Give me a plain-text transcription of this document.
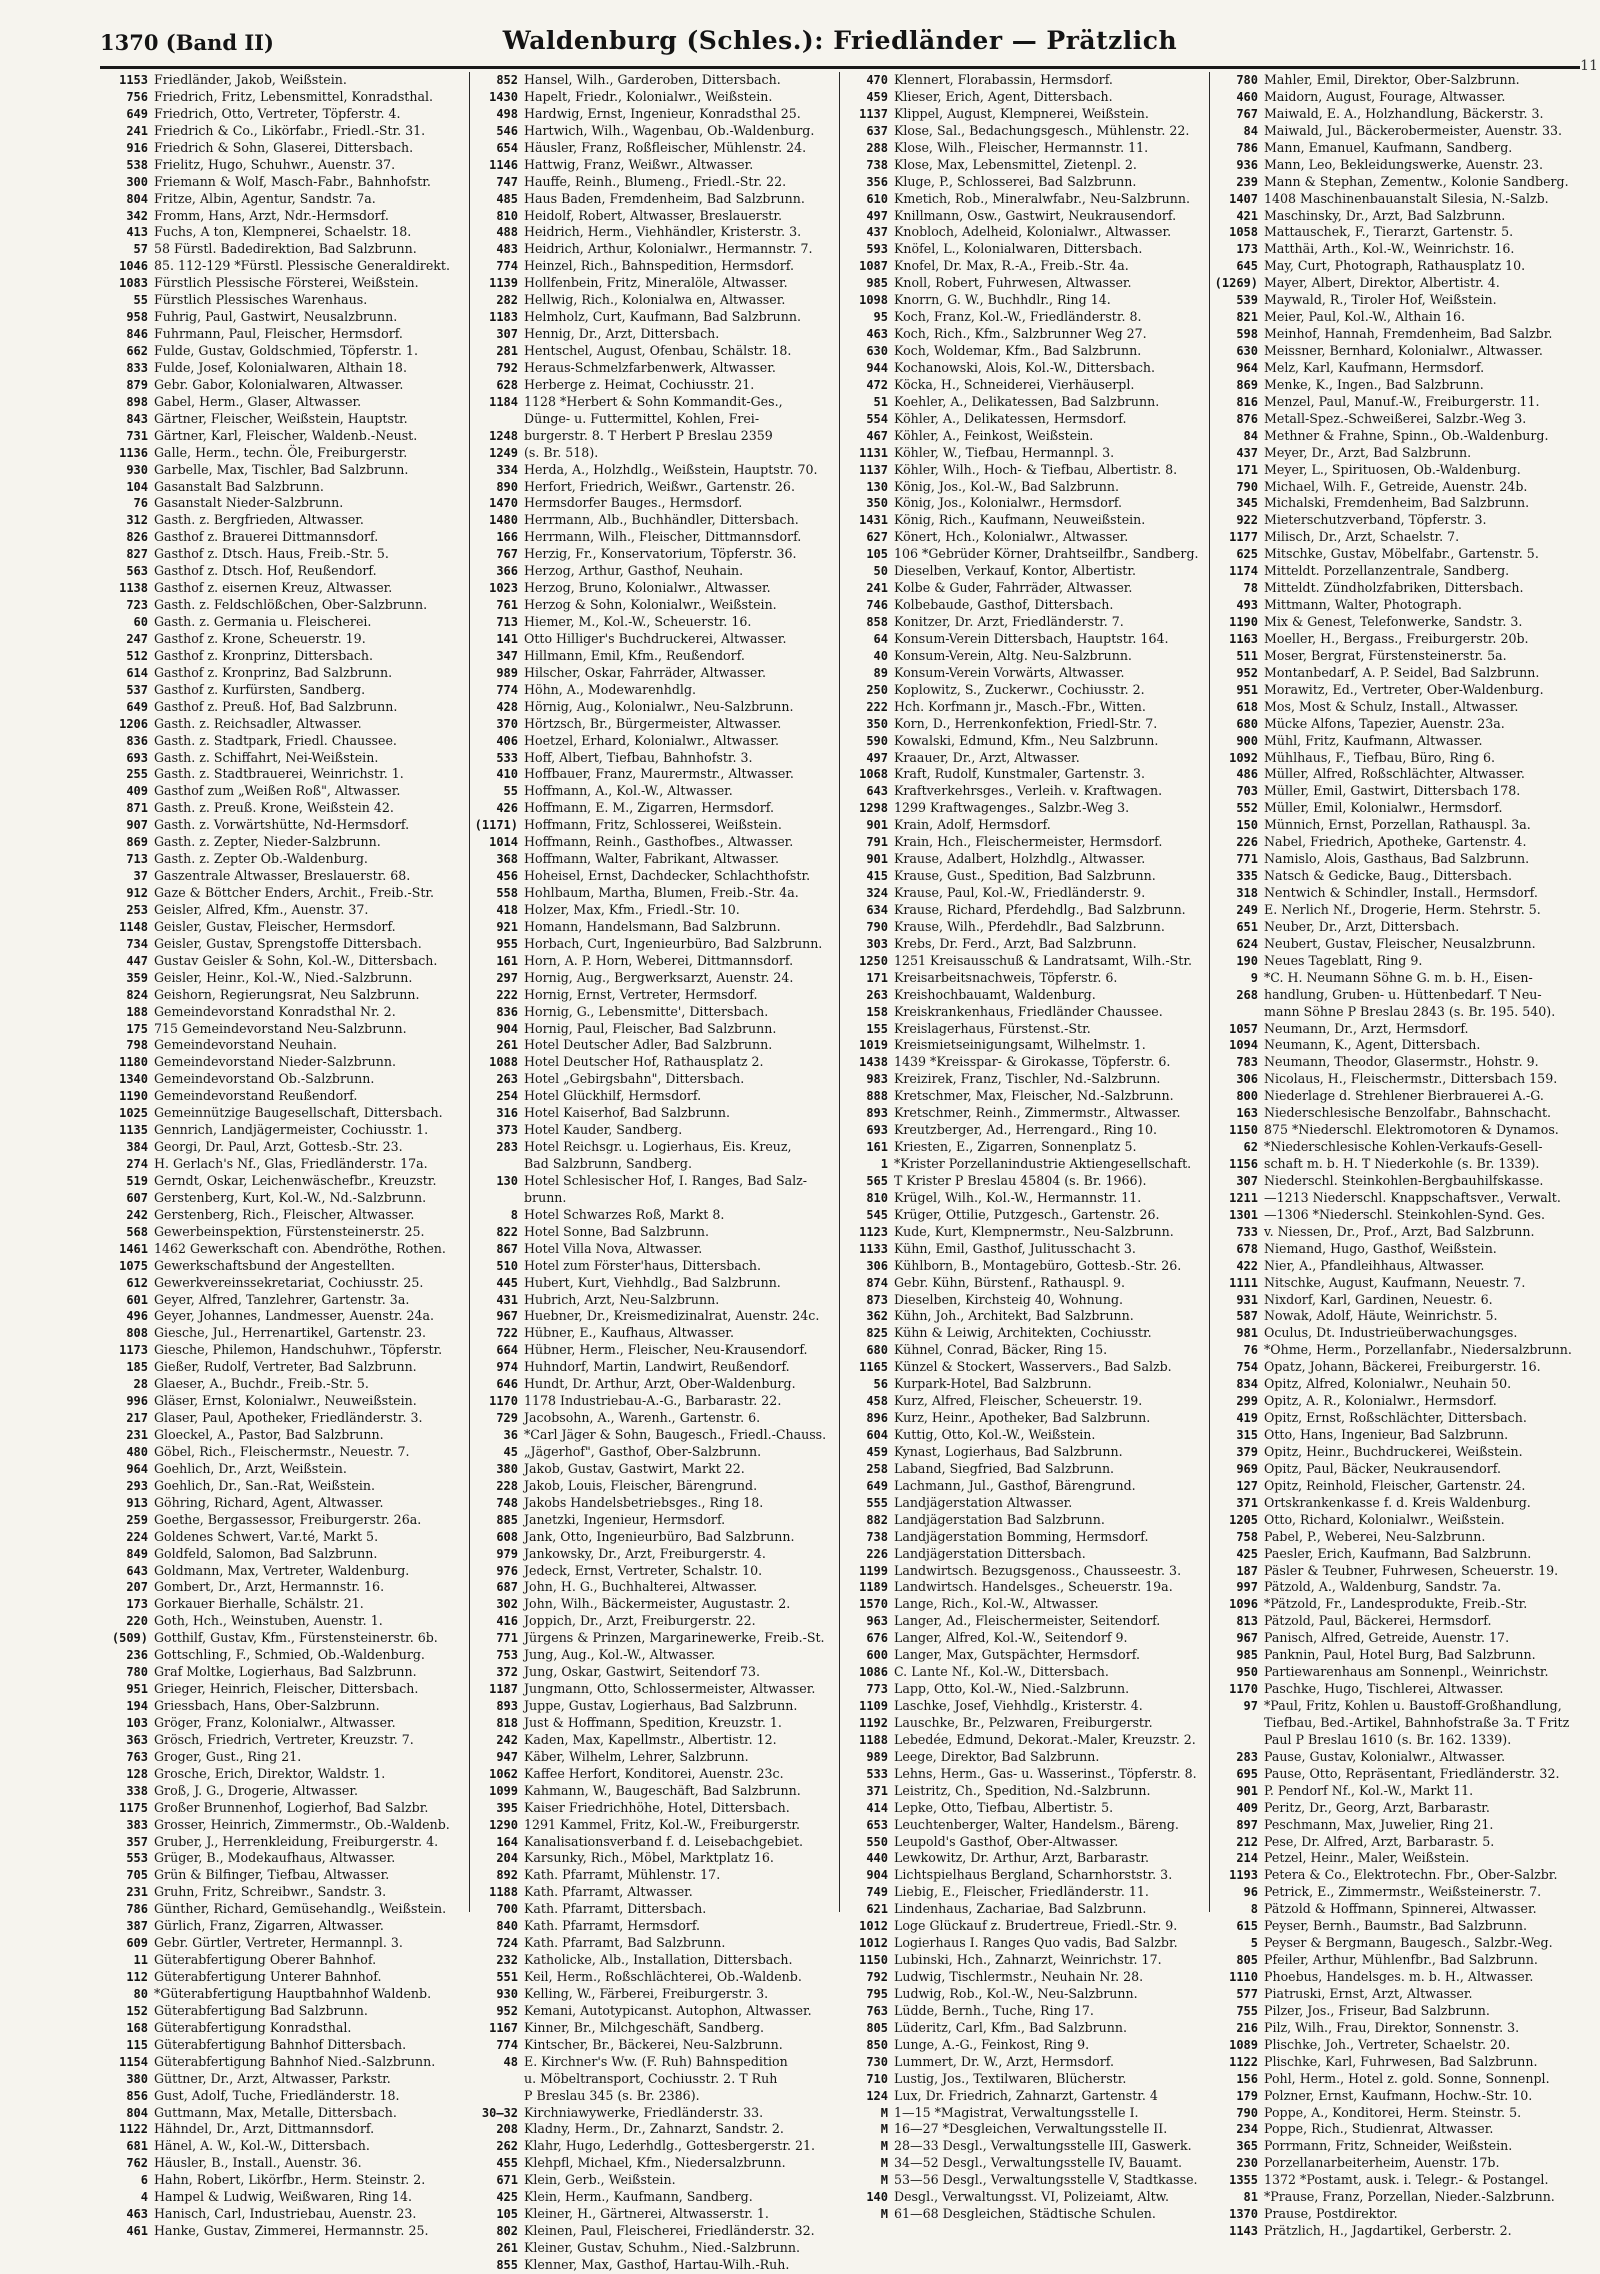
1370 (Band II)	Waldenburg (Schles.): Friedländer — Prätzlich
11
1153 Friedländer, Jakob, Weißstein.
756 Friedrich, Fritz, Lebensmittel, Konradsthal.
649 Friedrich, Otto, Vertreter, Töpferstr. 4.
241 Friedrich & Co., Likörfabr., Friedl.-Str. 31.
916 Friedrich & Sohn, Glaserei, Dittersbach.
538 Frielitz, Hugo, Schuhwr., Auenstr. 37.
300 Friemann & Wolf, Masch-Fabr., Bahnhofstr.
804 Fritze, Albin, Agentur, Sandstr. 7a.
342 Fromm, Hans, Arzt, Ndr.-Hermsdorf.
413 Fuchs, A ton, Klempnerei, Schaelstr. 18.
57 58 Fürstl. Badedirektion, Bad Salzbrunn.
1046 85. 112-129 *Fürstl. Plessische Generaldirekt.
1083 Fürstlich Plessische Försterei, Weißstein.
55 Fürstlich Plessisches Warenhaus.
958 Fuhrig, Paul, Gastwirt, Neusalzbrunn.
846 Fuhrmann, Paul, Fleischer, Hermsdorf.
662 Fulde, Gustav, Goldschmied, Töpferstr. 1.
833 Fulde, Josef, Kolonialwaren, Althain 18.
879 Gebr. Gabor, Kolonialwaren, Altwasser.
898 Gabel, Herm., Glaser, Altwasser.
843 Gärtner, Fleischer, Weißstein, Hauptstr.
731 Gärtner, Karl, Fleischer, Waldenb.-Neust.
1136 Galle, Herm., techn. Öle, Freiburgerstr.
930 Garbelle, Max, Tischler, Bad Salzbrunn.
104 Gasanstalt Bad Salzbrunn.
76 Gasanstalt Nieder-Salzbrunn.
312 Gasth. z. Bergfrieden, Altwasser.
826 Gasthof z. Brauerei Dittmannsdorf.
827 Gasthof z. Dtsch. Haus, Freib.-Str. 5.
563 Gasthof z. Dtsch. Hof, Reußendorf.
1138 Gasthof z. eisernen Kreuz, Altwasser.
723 Gasth. z. Feldschlößchen, Ober-Salzbrunn.
60 Gasth. z. Germania u. Fleischerei.
247 Gasthof z. Krone, Scheuerstr. 19.
512 Gasthof z. Kronprinz, Dittersbach.
614 Gasthof z. Kronprinz, Bad Salzbrunn.
537 Gasthof z. Kurfürsten, Sandberg.
649 Gasthof z. Preuß. Hof, Bad Salzbrunn.
1206 Gasth. z. Reichsadler, Altwasser.
836 Gasth. z. Stadtpark, Friedl. Chaussee.
693 Gasth. z. Schiffahrt, Nei-Weißstein.
255 Gasth. z. Stadtbrauerei, Weinrichstr. 1.
409 Gasthof zum „Weißen Roß", Altwasser.
871 Gasth. z. Preuß. Krone, Weißstein 42.
907 Gasth. z. Vorwärtshütte, Nd-Hermsdorf.
869 Gasth. z. Zepter, Nieder-Salzbrunn.
713 Gasth. z. Zepter Ob.-Waldenburg.
37 Gaszentrale Altwasser, Breslauerstr. 68.
912 Gaze & Böttcher Enders, Archit., Freib.-Str.
253 Geisler, Alfred, Kfm., Auenstr. 37.
1148 Geisler, Gustav, Fleischer, Hermsdorf.
734 Geisler, Gustav, Sprengstoffe Dittersbach.
447 Gustav Geisler & Sohn, Kol.-W., Dittersbach.
359 Geisler, Heinr., Kol.-W., Nied.-Salzbrunn.
824 Geishorn, Regierungsrat, Neu Salzbrunn.
188 Gemeindevorstand Konradsthal Nr. 2.
175 715 Gemeindevorstand Neu-Salzbrunn.
798 Gemeindevorstand Neuhain.
1180 Gemeindevorstand Nieder-Salzbrunn.
1340 Gemeindevorstand Ob.-Salzbrunn.
1190 Gemeindevorstand Reußendorf.
1025 Gemeinnützige Baugesellschaft, Dittersbach.
1135 Gennrich, Landjägermeister, Cochiusstr. 1.
384 Georgi, Dr. Paul, Arzt, Gottesb.-Str. 23.
274 H. Gerlach's Nf., Glas, Friedländerstr. 17a.
519 Gerndt, Oskar, Leichenwäschefbr., Kreuzstr.
607 Gerstenberg, Kurt, Kol.-W., Nd.-Salzbrunn.
242 Gerstenberg, Rich., Fleischer, Altwasser.
568 Gewerbeinspektion, Fürstensteinerstr. 25.
1461 1462 Gewerkschaft con. Abendröthe, Rothen.
1075 Gewerkschaftsbund der Angestellten.
612 Gewerkvereinssekretariat, Cochiusstr. 25.
601 Geyer, Alfred, Tanzlehrer, Gartenstr. 3a.
496 Geyer, Johannes, Landmesser, Auenstr. 24a.
808 Giesche, Jul., Herrenartikel, Gartenstr. 23.
1173 Giesche, Philemon, Handschuhwr., Töpferstr.
185 Gießer, Rudolf, Vertreter, Bad Salzbrunn.
28 Glaeser, A., Buchdr., Freib.-Str. 5.
996 Gläser, Ernst, Kolonialwr., Neuweißstein.
217 Glaser, Paul, Apotheker, Friedländerstr. 3.
231 Gloeckel, A., Pastor, Bad Salzbrunn.
480 Göbel, Rich., Fleischermstr., Neuestr. 7.
964 Goehlich, Dr., Arzt, Weißstein.
293 Goehlich, Dr., San.-Rat, Weißstein.
913 Göhring, Richard, Agent, Altwasser.
259 Goethe, Bergassessor, Freiburgerstr. 26a.
224 Goldenes Schwert, Var.té, Markt 5.
849 Goldfeld, Salomon, Bad Salzbrunn.
643 Goldmann, Max, Vertreter, Waldenburg.
207 Gombert, Dr., Arzt, Hermannstr. 16.
173 Gorkauer Bierhalle, Schälstr. 21.
220 Goth, Hch., Weinstuben, Auenstr. 1.
(509) Gotthilf, Gustav, Kfm., Fürstensteinerstr. 6b.
236 Gottschling, F., Schmied, Ob.-Waldenburg.
780 Graf Moltke, Logierhaus, Bad Salzbrunn.
951 Grieger, Heinrich, Fleischer, Dittersbach.
194 Griessbach, Hans, Ober-Salzbrunn.
103 Gröger, Franz, Kolonialwr., Altwasser.
363 Grösch, Friedrich, Vertreter, Kreuzstr. 7.
763 Groger, Gust., Ring 21.
128 Grosche, Erich, Direktor, Waldstr. 1.
338 Groß, J. G., Drogerie, Altwasser.
1175 Großer Brunnenhof, Logierhof, Bad Salzbr.
383 Grosser, Heinrich, Zimmermstr., Ob.-Waldenb.
357 Gruber, J., Herrenkleidung, Freiburgerstr. 4.
553 Grüger, B., Modekaufhaus, Altwasser.
705 Grün & Bilfinger, Tiefbau, Altwasser.
231 Gruhn, Fritz, Schreibwr., Sandstr. 3.
786 Günther, Richard, Gemüsehandlg., Weißstein.
387 Gürlich, Franz, Zigarren, Altwasser.
609 Gebr. Gürtler, Vertreter, Hermannpl. 3.
11 Güterabfertigung Oberer Bahnhof.
112 Güterabfertigung Unterer Bahnhof.
80 *Güterabfertigung Hauptbahnhof Waldenb.
152 Güterabfertigung Bad Salzbrunn.
168 Güterabfertigung Konradsthal.
115 Güterabfertigung Bahnhof Dittersbach.
1154 Güterabfertigung Bahnhof Nied.-Salzbrunn.
380 Güttner, Dr., Arzt, Altwasser, Parkstr.
856 Gust, Adolf, Tuche, Friedländerstr. 18.
804 Guttmann, Max, Metalle, Dittersbach.
1122 Hähndel, Dr., Arzt, Dittmannsdorf.
681 Hänel, A. W., Kol.-W., Dittersbach.
762 Häusler, B., Install., Auenstr. 36.
6 Hahn, Robert, Likörfbr., Herm. Steinstr. 2.
4 Hampel & Ludwig, Weißwaren, Ring 14.
463 Hanisch, Carl, Industriebau, Auenstr. 23.
461 Hanke, Gustav, Zimmerei, Hermannstr. 25.
852 Hansel, Wilh., Garderoben, Dittersbach.
1430 Hapelt, Friedr., Kolonialwr., Weißstein.
498 Hardwig, Ernst, Ingenieur, Konradsthal 25.
546 Hartwich, Wilh., Wagenbau, Ob.-Waldenburg.
654 Häusler, Franz, Roßfleischer, Mühlenstr. 24.
1146 Hattwig, Franz, Weißwr., Altwasser.
747 Hauffe, Reinh., Blumeng., Friedl.-Str. 22.
485 Haus Baden, Fremdenheim, Bad Salzbrunn.
810 Heidolf, Robert, Altwasser, Breslauerstr.
488 Heidrich, Herm., Viehhändler, Kristerstr. 3.
483 Heidrich, Arthur, Kolonialwr., Hermannstr. 7.
774 Heinzel, Rich., Bahnspedition, Hermsdorf.
1139 Hollfenbein, Fritz, Mineralöle, Altwasser.
282 Hellwig, Rich., Kolonialwa en, Altwasser.
1183 Helmholz, Curt, Kaufmann, Bad Salzbrunn.
307 Hennig, Dr., Arzt, Dittersbach.
281 Hentschel, August, Ofenbau, Schälstr. 18.
792 Heraus-Schmelzfarbenwerk, Altwasser.
628 Herberge z. Heimat, Cochiusstr. 21.
1184 1128 *Herbert & Sohn Kommandit-Ges.,
Dünge- u. Futtermittel, Kohlen, Frei-
1248 burgerstr. 8. T Herbert P Breslau 2359
1249 (s. Br. 518).
334 Herda, A., Holzhdlg., Weißstein, Hauptstr. 70.
890 Herfort, Friedrich, Weißwr., Gartenstr. 26.
1470 Hermsdorfer Bauges., Hermsdorf.
1480 Herrmann, Alb., Buchhändler, Dittersbach.
166 Herrmann, Wilh., Fleischer, Dittmannsdorf.
767 Herzig, Fr., Konservatorium, Töpferstr. 36.
366 Herzog, Arthur, Gasthof, Neuhain.
1023 Herzog, Bruno, Kolonialwr., Altwasser.
761 Herzog & Sohn, Kolonialwr., Weißstein.
713 Hiemer, M., Kol.-W., Scheuerstr. 16.
141 Otto Hilliger's Buchdruckerei, Altwasser.
347 Hillmann, Emil, Kfm., Reußendorf.
989 Hilscher, Oskar, Fahrräder, Altwasser.
774 Höhn, A., Modewarenhdlg.
428 Hörnig, Aug., Kolonialwr., Neu-Salzbrunn.
370 Hörtzsch, Br., Bürgermeister, Altwasser.
406 Hoetzel, Erhard, Kolonialwr., Altwasser.
533 Hoff, Albert, Tiefbau, Bahnhofstr. 3.
410 Hoffbauer, Franz, Maurermstr., Altwasser.
55 Hoffmann, A., Kol.-W., Altwasser.
426 Hoffmann, E. M., Zigarren, Hermsdorf.
(1171) Hoffmann, Fritz, Schlosserei, Weißstein.
1014 Hoffmann, Reinh., Gasthofbes., Altwasser.
368 Hoffmann, Walter, Fabrikant, Altwasser.
456 Hoheisel, Ernst, Dachdecker, Schlachthofstr.
558 Hohlbaum, Martha, Blumen, Freib.-Str. 4a.
418 Holzer, Max, Kfm., Friedl.-Str. 10.
921 Homann, Handelsmann, Bad Salzbrunn.
955 Horbach, Curt, Ingenieurbüro, Bad Salzbrunn.
161 Horn, A. P. Horn, Weberei, Dittmannsdorf.
297 Hornig, Aug., Bergwerksarzt, Auenstr. 24.
222 Hornig, Ernst, Vertreter, Hermsdorf.
836 Hornig, G., Lebensmitte', Dittersbach.
904 Hornig, Paul, Fleischer, Bad Salzbrunn.
261 Hotel Deutscher Adler, Bad Salzbrunn.
1088 Hotel Deutscher Hof, Rathausplatz 2.
263 Hotel „Gebirgsbahn", Dittersbach.
254 Hotel Glückhilf, Hermsdorf.
316 Hotel Kaiserhof, Bad Salzbrunn.
373 Hotel Kauder, Sandberg.
283 Hotel Reichsgr. u. Logierhaus, Eis. Kreuz,
Bad Salzbrunn, Sandberg.
130 Hotel Schlesischer Hof, I. Ranges, Bad Salz-
brunn.
8 Hotel Schwarzes Roß, Markt 8.
822 Hotel Sonne, Bad Salzbrunn.
867 Hotel Villa Nova, Altwasser.
510 Hotel zum Förster'haus, Dittersbach.
445 Hubert, Kurt, Viehhdlg., Bad Salzbrunn.
431 Hubrich, Arzt, Neu-Salzbrunn.
967 Huebner, Dr., Kreismedizinalrat, Auenstr. 24c.
722 Hübner, E., Kaufhaus, Altwasser.
664 Hübner, Herm., Fleischer, Neu-Krausendorf.
974 Huhndorf, Martin, Landwirt, Reußendorf.
646 Hundt, Dr. Arthur, Arzt, Ober-Waldenburg.
1170 1178 Industriebau-A.-G., Barbarastr. 22.
729 Jacobsohn, A., Warenh., Gartenstr. 6.
36 *Carl Jäger & Sohn, Baugesch., Friedl.-Chauss.
45 „Jägerhof", Gasthof, Ober-Salzbrunn.
380 Jakob, Gustav, Gastwirt, Markt 22.
228 Jakob, Louis, Fleischer, Bärengrund.
748 Jakobs Handelsbetriebsges., Ring 18.
885 Janetzki, Ingenieur, Hermsdorf.
608 Jank, Otto, Ingenieurbüro, Bad Salzbrunn.
979 Jankowsky, Dr., Arzt, Freiburgerstr. 4.
976 Jedeck, Ernst, Vertreter, Schalstr. 10.
687 John, H. G., Buchhalterei, Altwasser.
302 John, Wilh., Bäckermeister, Augustastr. 2.
416 Joppich, Dr., Arzt, Freiburgerstr. 22.
771 Jürgens & Prinzen, Margarinewerke, Freib.-St.
753 Jung, Aug., Kol.-W., Altwasser.
372 Jung, Oskar, Gastwirt, Seitendorf 73.
1187 Jungmann, Otto, Schlossermeister, Altwasser.
893 Juppe, Gustav, Logierhaus, Bad Salzbrunn.
818 Just & Hoffmann, Spedition, Kreuzstr. 1.
242 Kaden, Max, Kapellmstr., Albertistr. 12.
947 Käber, Wilhelm, Lehrer, Salzbrunn.
1062 Kaffee Herfort, Konditorei, Auenstr. 23c.
1099 Kahmann, W., Baugeschäft, Bad Salzbrunn.
395 Kaiser Friedrichhöhe, Hotel, Dittersbach.
1290 1291 Kammel, Fritz, Kol.-W., Freiburgerstr.
164 Kanalisationsverband f. d. Leisebachgebiet.
204 Karsunky, Rich., Möbel, Marktplatz 16.
892 Kath. Pfarramt, Mühlenstr. 17.
1188 Kath. Pfarramt, Altwasser.
700 Kath. Pfarramt, Dittersbach.
840 Kath. Pfarramt, Hermsdorf.
724 Kath. Pfarramt, Bad Salzbrunn.
232 Katholicke, Alb., Installation, Dittersbach.
551 Keil, Herm., Roßschlächterei, Ob.-Waldenb.
930 Kelling, W., Färberei, Freiburgerstr. 3.
952 Kemani, Autotypicanst. Autophon, Altwasser.
1167 Kinner, Br., Milchgeschäft, Sandberg.
774 Kintscher, Br., Bäckerei, Neu-Salzbrunn.
48 E. Kirchner's Ww. (F. Ruh) Bahnspedition
u. Möbeltransport, Cochiusstr. 2. T Ruh
P Breslau 345 (s. Br. 2386).
30—32 Kirchniawywerke, Friedländerstr. 33.
208 Kladny, Herm., Dr., Zahnarzt, Sandstr. 2.
262 Klahr, Hugo, Lederhdlg., Gottesbergerstr. 21.
455 Klehpfl, Michael, Kfm., Niedersalzbrunn.
671 Klein, Gerb., Weißstein.
425 Klein, Herm., Kaufmann, Sandberg.
105 Kleiner, H., Gärtnerei, Altwasserstr. 1.
802 Kleinen, Paul, Fleischerei, Friedländerstr. 32.
261 Kleiner, Gustav, Schuhm., Nied.-Salzbrunn.
855 Klenner, Max, Gasthof, Hartau-Wilh.-Ruh.
470 Klennert, Florabassin, Hermsdorf.
459 Klieser, Erich, Agent, Dittersbach.
1137 Klippel, August, Klempnerei, Weißstein.
637 Klose, Sal., Bedachungsgesch., Mühlenstr. 22.
288 Klose, Wilh., Fleischer, Hermannstr. 11.
738 Klose, Max, Lebensmittel, Zietenpl. 2.
356 Kluge, P., Schlosserei, Bad Salzbrunn.
610 Kmetich, Rob., Mineralwfabr., Neu-Salzbrunn.
497 Knillmann, Osw., Gastwirt, Neukrausendorf.
437 Knobloch, Adelheid, Kolonialwr., Altwasser.
593 Knöfel, L., Kolonialwaren, Dittersbach.
1087 Knofel, Dr. Max, R.-A., Freib.-Str. 4a.
985 Knoll, Robert, Fuhrwesen, Altwasser.
1098 Knorrn, G. W., Buchhdlr., Ring 14.
95 Koch, Franz, Kol.-W., Friedländerstr. 8.
463 Koch, Rich., Kfm., Salzbrunner Weg 27.
630 Koch, Woldemar, Kfm., Bad Salzbrunn.
944 Kochanowski, Alois, Kol.-W., Dittersbach.
472 Köcka, H., Schneiderei, Vierhäuserpl.
51 Koehler, A., Delikatessen, Bad Salzbrunn.
554 Köhler, A., Delikatessen, Hermsdorf.
467 Köhler, A., Feinkost, Weißstein.
1131 Köhler, W., Tiefbau, Hermannpl. 3.
1137 Köhler, Wilh., Hoch- & Tiefbau, Albertistr. 8.
130 König, Jos., Kol.-W., Bad Salzbrunn.
350 König, Jos., Kolonialwr., Hermsdorf.
1431 König, Rich., Kaufmann, Neuweißstein.
627 Könert, Hch., Kolonialwr., Altwasser.
105 106 *Gebrüder Körner, Drahtseilfbr., Sandberg.
50 Dieselben, Verkauf, Kontor, Albertistr.
241 Kolbe & Guder, Fahrräder, Altwasser.
746 Kolbebaude, Gasthof, Dittersbach.
858 Konitzer, Dr. Arzt, Friedländerstr. 7.
64 Konsum-Verein Dittersbach, Hauptstr. 164.
40 Konsum-Verein, Altg. Neu-Salzbrunn.
89 Konsum-Verein Vorwärts, Altwasser.
250 Koplowitz, S., Zuckerwr., Cochiusstr. 2.
222 Hch. Korfmann jr., Masch.-Fbr., Witten.
350 Korn, D., Herrenkonfektion, Friedl-Str. 7.
590 Kowalski, Edmund, Kfm., Neu Salzbrunn.
497 Kraauer, Dr., Arzt, Altwasser.
1068 Kraft, Rudolf, Kunstmaler, Gartenstr. 3.
643 Kraftverkehrsges., Verleih. v. Kraftwagen.
1298 1299 Kraftwagenges., Salzbr.-Weg 3.
901 Krain, Adolf, Hermsdorf.
791 Krain, Hch., Fleischermeister, Hermsdorf.
901 Krause, Adalbert, Holzhdlg., Altwasser.
415 Krause, Gust., Spedition, Bad Salzbrunn.
324 Krause, Paul, Kol.-W., Friedländerstr. 9.
634 Krause, Richard, Pferdehdlg., Bad Salzbrunn.
790 Krause, Wilh., Pferdehdlr., Bad Salzbrunn.
303 Krebs, Dr. Ferd., Arzt, Bad Salzbrunn.
1250 1251 Kreisausschuß & Landratsamt, Wilh.-Str.
171 Kreisarbeitsnachweis, Töpferstr. 6.
263 Kreishochbauamt, Waldenburg.
158 Kreiskrankenhaus, Friedländer Chaussee.
155 Kreislagerhaus, Fürstenst.-Str.
1019 Kreismietseinigungsamt, Wilhelmstr. 1.
1438 1439 *Kreisspar- & Girokasse, Töpferstr. 6.
983 Kreizirek, Franz, Tischler, Nd.-Salzbrunn.
888 Kretschmer, Max, Fleischer, Nd.-Salzbrunn.
893 Kretschmer, Reinh., Zimmermstr., Altwasser.
693 Kreutzberger, Ad., Herrengard., Ring 10.
161 Kriesten, E., Zigarren, Sonnenplatz 5.
1 *Krister Porzellanindustrie Aktiengesellschaft.
565 T Krister P Breslau 45804 (s. Br. 1966).
810 Krügel, Wilh., Kol.-W., Hermannstr. 11.
545 Krüger, Ottilie, Putzgesch., Gartenstr. 26.
1123 Kude, Kurt, Klempnermstr., Neu-Salzbrunn.
1133 Kühn, Emil, Gasthof, Julitusschacht 3.
306 Kühlborn, B., Montagebüro, Gottesb.-Str. 26.
874 Gebr. Kühn, Bürstenf., Rathauspl. 9.
873 Dieselben, Kirchsteig 40, Wohnung.
362 Kühn, Joh., Architekt, Bad Salzbrunn.
825 Kühn & Leiwig, Architekten, Cochiusstr.
680 Kühnel, Conrad, Bäcker, Ring 15.
1165 Künzel & Stockert, Wasservers., Bad Salzb.
56 Kurpark-Hotel, Bad Salzbrunn.
458 Kurz, Alfred, Fleischer, Scheuerstr. 19.
896 Kurz, Heinr., Apotheker, Bad Salzbrunn.
604 Kuttig, Otto, Kol.-W., Weißstein.
459 Kynast, Logierhaus, Bad Salzbrunn.
258 Laband, Siegfried, Bad Salzbrunn.
649 Lachmann, Jul., Gasthof, Bärengrund.
555 Landjägerstation Altwasser.
882 Landjägerstation Bad Salzbrunn.
738 Landjägerstation Bomming, Hermsdorf.
226 Landjägerstation Dittersbach.
1199 Landwirtsch. Bezugsgenoss., Chausseestr. 3.
1189 Landwirtsch. Handelsges., Scheuerstr. 19a.
1570 Lange, Rich., Kol.-W., Altwasser.
963 Langer, Ad., Fleischermeister, Seitendorf.
676 Langer, Alfred, Kol.-W., Seitendorf 9.
600 Langer, Max, Gutspächter, Hermsdorf.
1086 C. Lante Nf., Kol.-W., Dittersbach.
773 Lapp, Otto, Kol.-W., Nied.-Salzbrunn.
1109 Laschke, Josef, Viehhdlg., Kristerstr. 4.
1192 Lauschke, Br., Pelzwaren, Freiburgerstr.
1188 Lebedée, Edmund, Dekorat.-Maler, Kreuzstr. 2.
989 Leege, Direktor, Bad Salzbrunn.
533 Lehns, Herm., Gas- u. Wasserinst., Töpferstr. 8.
371 Leistritz, Ch., Spedition, Nd.-Salzbrunn.
414 Lepke, Otto, Tiefbau, Albertistr. 5.
653 Leuchtenberger, Walter, Handelsm., Bäreng.
550 Leupold's Gasthof, Ober-Altwasser.
440 Lewkowitz, Dr. Arthur, Arzt, Barbarastr.
904 Lichtspielhaus Bergland, Scharnhorststr. 3.
749 Liebig, E., Fleischer, Friedländerstr. 11.
621 Lindenhaus, Zachariae, Bad Salzbrunn.
1012 Loge Glückauf z. Brudertreue, Friedl.-Str. 9.
1012 Logierhaus I. Ranges Quo vadis, Bad Salzbr.
1150 Lubinski, Hch., Zahnarzt, Weinrichstr. 17.
792 Ludwig, Tischlermstr., Neuhain Nr. 28.
795 Ludwig, Rob., Kol.-W., Neu-Salzbrunn.
763 Lüdde, Bernh., Tuche, Ring 17.
805 Lüderitz, Carl, Kfm., Bad Salzbrunn.
850 Lunge, A.-G., Feinkost, Ring 9.
730 Lummert, Dr. W., Arzt, Hermsdorf.
710 Lustig, Jos., Textilwaren, Blücherstr.
124 Lux, Dr. Friedrich, Zahnarzt, Gartenstr. 4
M 1—15 *Magistrat, Verwaltungsstelle I.
M 16—27 *Desgleichen, Verwaltungsstelle II.
M 28—33 Desgl., Verwaltungsstelle III, Gaswerk.
M 34—52 Desgl., Verwaltungsstelle IV, Bauamt.
M 53—56 Desgl., Verwaltungsstelle V, Stadtkasse.
140 Desgl., Verwaltungsst. VI, Polizeiamt, Altw.
M 61—68 Desgleichen, Städtische Schulen.
780 Mahler, Emil, Direktor, Ober-Salzbrunn.
460 Maidorn, August, Fourage, Altwasser.
767 Maiwald, E. A., Holzhandlung, Bäckerstr. 3.
84 Maiwald, Jul., Bäckerobermeister, Auenstr. 33.
786 Mann, Emanuel, Kaufmann, Sandberg.
936 Mann, Leo, Bekleidungswerke, Auenstr. 23.
239 Mann & Stephan, Zementw., Kolonie Sandberg.
1407 1408 Maschinenbauanstalt Silesia, N.-Salzb.
421 Maschinsky, Dr., Arzt, Bad Salzbrunn.
1058 Mattauschek, F., Tierarzt, Gartenstr. 5.
173 Matthäi, Arth., Kol.-W., Weinrichstr. 16.
645 May, Curt, Photograph, Rathausplatz 10.
(1269) Mayer, Albert, Direktor, Albertistr. 4.
539 Maywald, R., Tiroler Hof, Weißstein.
821 Meier, Paul, Kol.-W., Althain 16.
598 Meinhof, Hannah, Fremdenheim, Bad Salzbr.
630 Meissner, Bernhard, Kolonialwr., Altwasser.
964 Melz, Karl, Kaufmann, Hermsdorf.
869 Menke, K., Ingen., Bad Salzbrunn.
816 Menzel, Paul, Manuf.-W., Freiburgerstr. 11.
876 Metall-Spez.-Schweißerei, Salzbr.-Weg 3.
84 Methner & Frahne, Spinn., Ob.-Waldenburg.
437 Meyer, Dr., Arzt, Bad Salzbrunn.
171 Meyer, L., Spirituosen, Ob.-Waldenburg.
790 Michael, Wilh. F., Getreide, Auenstr. 24b.
345 Michalski, Fremdenheim, Bad Salzbrunn.
922 Mieterschutzverband, Töpferstr. 3.
1177 Milisch, Dr., Arzt, Schaelstr. 7.
625 Mitschke, Gustav, Möbelfabr., Gartenstr. 5.
1174 Mitteldt. Porzellanzentrale, Sandberg.
78 Mitteldt. Zündholzfabriken, Dittersbach.
493 Mittmann, Walter, Photograph.
1190 Mix & Genest, Telefonwerke, Sandstr. 3.
1163 Moeller, H., Bergass., Freiburgerstr. 20b.
511 Moser, Bergrat, Fürstensteinerstr. 5a.
952 Montanbedarf, A. P. Seidel, Bad Salzbrunn.
951 Morawitz, Ed., Vertreter, Ober-Waldenburg.
618 Mos, Most & Schulz, Install., Altwasser.
680 Mücke Alfons, Tapezier, Auenstr. 23a.
900 Mühl, Fritz, Kaufmann, Altwasser.
1092 Mühlhaus, F., Tiefbau, Büro, Ring 6.
486 Müller, Alfred, Roßschlächter, Altwasser.
703 Müller, Emil, Gastwirt, Dittersbach 178.
552 Müller, Emil, Kolonialwr., Hermsdorf.
150 Münnich, Ernst, Porzellan, Rathauspl. 3a.
226 Nabel, Friedrich, Apotheke, Gartenstr. 4.
771 Namislo, Alois, Gasthaus, Bad Salzbrunn.
335 Natsch & Gedicke, Baug., Dittersbach.
318 Nentwich & Schindler, Install., Hermsdorf.
249 E. Nerlich Nf., Drogerie, Herm. Stehrstr. 5.
651 Neuber, Dr., Arzt, Dittersbach.
624 Neubert, Gustav, Fleischer, Neusalzbrunn.
190 Neues Tageblatt, Ring 9.
9 *C. H. Neumann Söhne G. m. b. H., Eisen-
268 handlung, Gruben- u. Hüttenbedarf. T Neu-
mann Söhne P Breslau 2843 (s. Br. 195. 540).
1057 Neumann, Dr., Arzt, Hermsdorf.
1094 Neumann, K., Agent, Dittersbach.
783 Neumann, Theodor, Glasermstr., Hohstr. 9.
306 Nicolaus, H., Fleischermstr., Dittersbach 159.
800 Niederlage d. Strehlener Bierbrauerei A.-G.
163 Niederschlesische Benzolfabr., Bahnschacht.
1150 875 *Niederschl. Elektromotoren & Dynamos.
62 *Niederschlesische Kohlen-Verkaufs-Gesell-
1156 schaft m. b. H. T Niederkohle (s. Br. 1339).
307 Niederschl. Steinkohlen-Bergbauhilfskasse.
1211 —1213 Niederschl. Knappschaftsver., Verwalt.
1301 —1306 *Niederschl. Steinkohlen-Synd. Ges.
733 v. Niessen, Dr., Prof., Arzt, Bad Salzbrunn.
678 Niemand, Hugo, Gasthof, Weißstein.
422 Nier, A., Pfandleihhaus, Altwasser.
1111 Nitschke, August, Kaufmann, Neuestr. 7.
931 Nixdorf, Karl, Gardinen, Neuestr. 6.
587 Nowak, Adolf, Häute, Weinrichstr. 5.
981 Oculus, Dt. Industrieüberwachungsges.
76 *Ohme, Herm., Porzellanfabr., Niedersalzbrunn.
754 Opatz, Johann, Bäckerei, Freiburgerstr. 16.
834 Opitz, Alfred, Kolonialwr., Neuhain 50.
299 Opitz, A. R., Kolonialwr., Hermsdorf.
419 Opitz, Ernst, Roßschlächter, Dittersbach.
315 Otto, Hans, Ingenieur, Bad Salzbrunn.
379 Opitz, Heinr., Buchdruckerei, Weißstein.
969 Opitz, Paul, Bäcker, Neukrausendorf.
127 Opitz, Reinhold, Fleischer, Gartenstr. 24.
371 Ortskrankenkasse f. d. Kreis Waldenburg.
1205 Otto, Richard, Kolonialwr., Weißstein.
758 Pabel, P., Weberei, Neu-Salzbrunn.
425 Paesler, Erich, Kaufmann, Bad Salzbrunn.
187 Päsler & Teubner, Fuhrwesen, Scheuerstr. 19.
997 Pätzold, A., Waldenburg, Sandstr. 7a.
1096 *Pätzold, Fr., Landesprodukte, Freib.-Str.
813 Pätzold, Paul, Bäckerei, Hermsdorf.
967 Panisch, Alfred, Getreide, Auenstr. 17.
985 Panknin, Paul, Hotel Burg, Bad Salzbrunn.
950 Partiewarenhaus am Sonnenpl., Weinrichstr.
1170 Paschke, Hugo, Tischlerei, Altwasser.
97 *Paul, Fritz, Kohlen u. Baustoff-Großhandlung,
Tiefbau, Bed.-Artikel, Bahnhofstraße 3a. T Fritz
Paul P Breslau 1610 (s. Br. 162. 1339).
283 Pause, Gustav, Kolonialwr., Altwasser.
695 Pause, Otto, Repräsentant, Friedländerstr. 32.
901 P. Pendorf Nf., Kol.-W., Markt 11.
409 Peritz, Dr., Georg, Arzt, Barbarastr.
897 Peschmann, Max, Juwelier, Ring 21.
212 Pese, Dr. Alfred, Arzt, Barbarastr. 5.
214 Petzel, Heinr., Maler, Weißstein.
1193 Petera & Co., Elektrotechn. Fbr., Ober-Salzbr.
96 Petrick, E., Zimmermstr., Weißsteinerstr. 7.
8 Pätzold & Hoffmann, Spinnerei, Altwasser.
615 Peyser, Bernh., Baumstr., Bad Salzbrunn.
5 Peyser & Bergmann, Baugesch., Salzbr.-Weg.
805 Pfeiler, Arthur, Mühlenfbr., Bad Salzbrunn.
1110 Phoebus, Handelsges. m. b. H., Altwasser.
577 Piatruski, Ernst, Arzt, Altwasser.
755 Pilzer, Jos., Friseur, Bad Salzbrunn.
216 Pilz, Wilh., Frau, Direktor, Sonnenstr. 3.
1089 Plischke, Joh., Vertreter, Schaelstr. 20.
1122 Plischke, Karl, Fuhrwesen, Bad Salzbrunn.
156 Pohl, Herm., Hotel z. gold. Sonne, Sonnenpl.
179 Polzner, Ernst, Kaufmann, Hochw.-Str. 10.
790 Poppe, A., Konditorei, Herm. Steinstr. 5.
234 Poppe, Rich., Studienrat, Altwasser.
365 Porrmann, Fritz, Schneider, Weißstein.
230 Porzellanarbeiterheim, Auenstr. 17b.
1355 1372 *Postamt, ausk. i. Telegr.- & Postangel.
81 *Prause, Franz, Porzellan, Nieder.-Salzbrunn.
1370 Prause, Postdirektor.
1143 Prätzlich, H., Jagdartikel, Gerberstr. 2.
